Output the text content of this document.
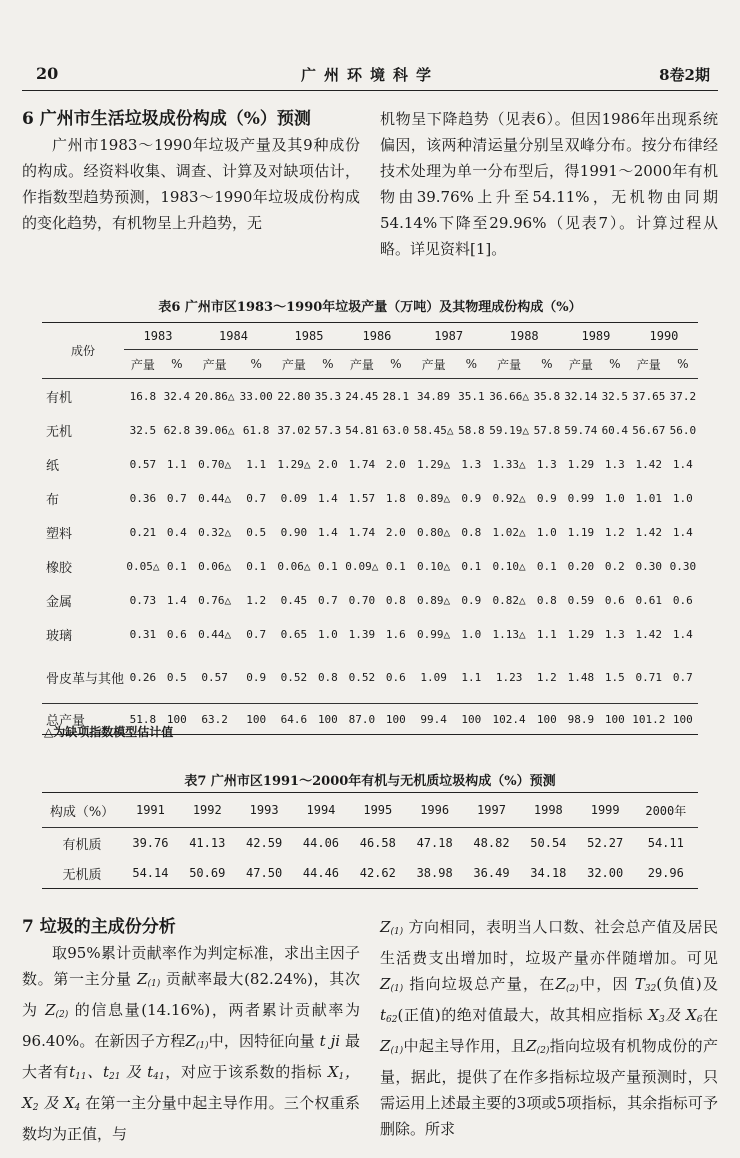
20	广州环境科学	8卷2期

6 广州市生活垃圾成份构成（%）预测

广州市1983～1990年垃圾产量及其9种成份的构成。经资料收集、调查、计算及对缺项估计，作指数型趋势预测，1983～1990年垃圾成份构成的变化趋势，有机物呈上升趋势，无

机物呈下降趋势（见表6）。但因1986年出现系统偏因，该两种清运量分别呈双峰分布。按分布律经技术处理为单一分布型后，得1991～2000年有机物由39.76%上升至54.11%，无机物由同期54.14%下降至29.96%（见表7）。计算过程从略。详见资料[1]。

表6 广州市区1983～1990年垃圾产量（万吨）及其物理成份构成（%）
成份	1983		1984		1985		1986		1987		1988		1989		1990	
	产量	%	产量	%	产量	%	产量	%	产量	%	产量	%	产量	%	产量	%
有机	16.8	32.4	20.86△	33.00	22.80	35.3	24.45	28.1	34.89	35.1	36.66△	35.8	32.14	32.5	37.65	37.2
无机	32.5	62.8	39.06△	61.8	37.02	57.3	54.81	63.0	58.45△	58.8	59.19△	57.8	59.74	60.4	56.67	56.0
纸	0.57	1.1	0.70△	1.1	1.29△	2.0	1.74	2.0	1.29△	1.3	1.33△	1.3	1.29	1.3	1.42	1.4
布	0.36	0.7	0.44△	0.7	0.09	1.4	1.57	1.8	0.89△	0.9	0.92△	0.9	0.99	1.0	1.01	1.0
塑料	0.21	0.4	0.32△	0.5	0.90	1.4	1.74	2.0	0.80△	0.8	1.02△	1.0	1.19	1.2	1.42	1.4
橡胶	0.05△	0.1	0.06△	0.1	0.06△	0.1	0.09△	0.1	0.10△	0.1	0.10△	0.1	0.20	0.2	0.30	0.30
金属	0.73	1.4	0.76△	1.2	0.45	0.7	0.70	0.8	0.89△	0.9	0.82△	0.8	0.59	0.6	0.61	0.6
玻璃	0.31	0.6	0.44△	0.7	0.65	1.0	1.39	1.6	0.99△	1.0	1.13△	1.1	1.29	1.3	1.42	1.4
骨皮革与其他	0.26	0.5	0.57	0.9	0.52	0.8	0.52	0.6	1.09	1.1	1.23	1.2	1.48	1.5	0.71	0.7
总产量	51.8	100	63.2	100	64.6	100	87.0	100	99.4	100	102.4	100	98.9	100	101.2	100
△为缺项指数模型估计值
表7 广州市区1991～2000年有机与无机质垃圾构成（%）预测
构成（%）	1991	1992	1993	1994	1995	1996	1997	1998	1999	2000年
有机质	39.76	41.13	42.59	44.06	46.58	47.18	48.82	50.54	52.27	54.11
无机质	54.14	50.69	47.50	44.46	42.62	38.98	36.49	34.18	32.00	29.96

7 垃圾的主成份分析

取95%累计贡献率作为判定标准，求出主因子数。第一主分量 $Z_{(1)}$ 贡献率最大(82.24%)，其次为 $Z_{(2)}$ 的信息量(14.16%)，两者累计贡献率为96.40%。在新因子方程$Z_{(1)}$中，因特征向量 t ji 最大者有$t_{11}$、$t_{21}$ 及 $t_{41}$，对应于该系数的指标 $X_1$，$X_2$ 及 $X_4$ 在第一主分量中起主导作用。三个权重系数均为正值，与

$Z_{(1)}$ 方向相同，表明当人口数、社会总产值及居民生活费支出增加时，垃圾产量亦伴随增加。可见 $Z_{(1)}$ 指向垃圾总产量，在$Z_{(2)}$中，因 $T_{32}$(负值)及 $t_{62}$(正值)的绝对值最大，故其相应指标 $X_3$及 $X_6$在$Z_{(1)}$中起主导作用，且$Z_{(2)}$指向垃圾有机物成份的产量，据此，提供了在作多指标垃圾产量预测时，只需运用上述最主要的3项或5项指标，其余指标可予删除。所求
